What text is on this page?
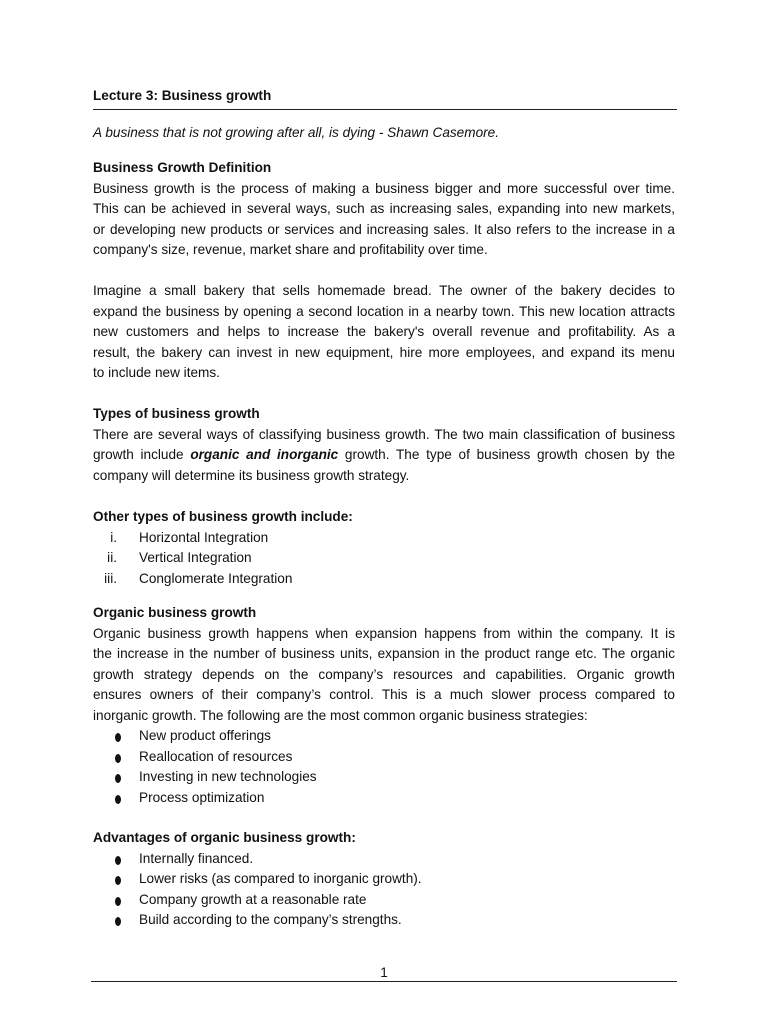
Lecture 3: Business growth
A business that is not growing after all, is dying - Shawn Casemore.
Business Growth Definition

Business growth is the process of making a business bigger and more successful over time.

This can be achieved in several ways, such as increasing sales, expanding into new markets,

or developing new products or services and increasing sales. It also refers to the increase in a

company's size, revenue, market share and profitability over time.

Imagine a small bakery that sells homemade bread. The owner of the bakery decides to

expand the business by opening a second location in a nearby town. This new location attracts

new customers and helps to increase the bakery's overall revenue and profitability. As a

result, the bakery can invest in new equipment, hire more employees, and expand its menu

to include new items.

Types of business growth

There are several ways of classifying business growth. The two main classification of business

growth include organic and inorganic growth. The type of business growth chosen by the

company will determine its business growth strategy.

Other types of business growth include:
i. Horizontal Integration
ii. Vertical Integration
iii. Conglomerate Integration
Organic business growth

Organic business growth happens when expansion happens from within the company. It is

the increase in the number of business units, expansion in the product range etc. The organic

growth strategy depends on the company’s resources and capabilities. Organic growth

ensures owners of their company’s control. This is a much slower process compared to

inorganic growth. The following are the most common organic business strategies:

New product offerings
Reallocation of resources
Investing in new technologies
Process optimization
Advantages of organic business growth:
Internally financed.
Lower risks (as compared to inorganic growth).
Company growth at a reasonable rate
Build according to the company’s strengths.
1
